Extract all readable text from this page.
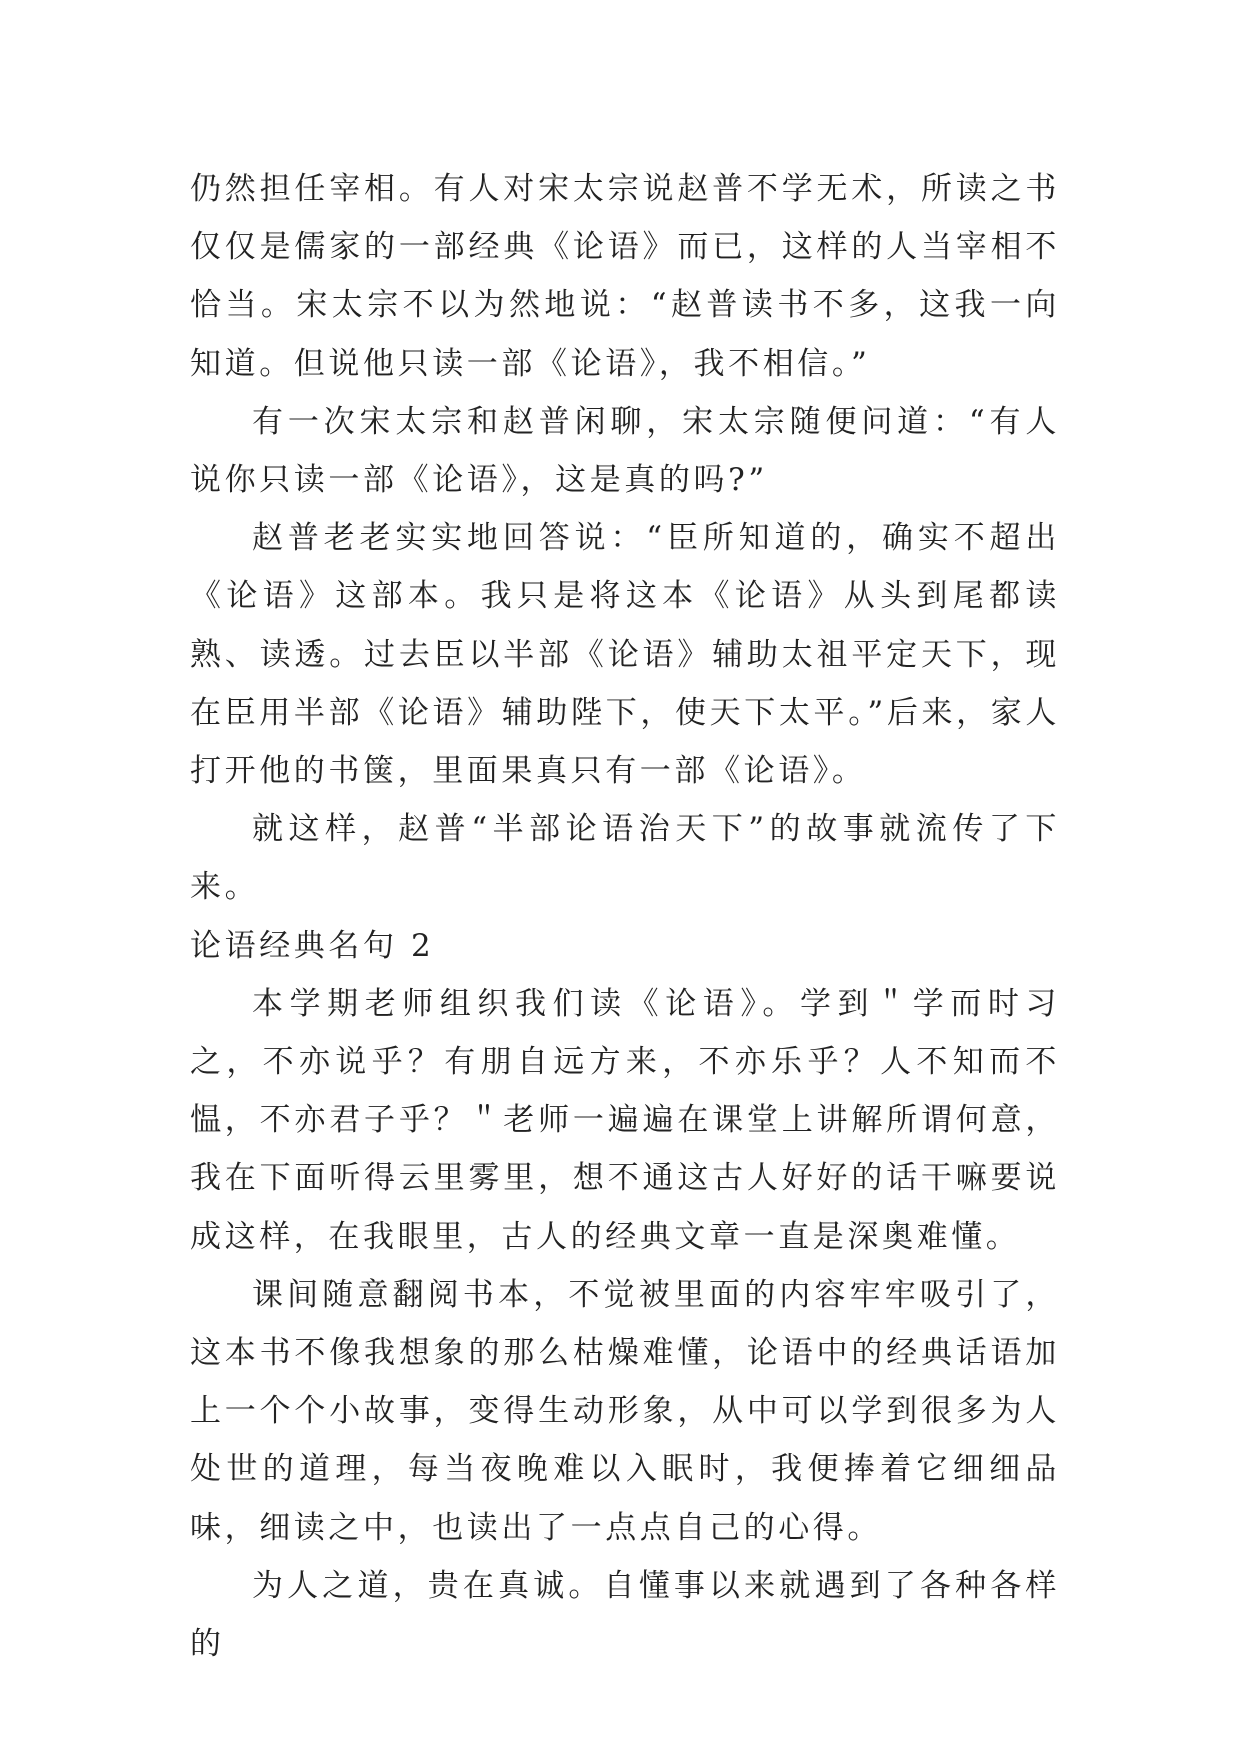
仍然担任宰相。有人对宋太宗说赵普不学无术，所读之书仅仅是儒家的一部经典《论语》而已，这样的人当宰相不恰当。宋太宗不以为然地说：“赵普读书不多，这我一向知道。但说他只读一部《论语》，我不相信。”

有一次宋太宗和赵普闲聊，宋太宗随便问道：“有人说你只读一部《论语》，这是真的吗?”

赵普老老实实地回答说：“臣所知道的，确实不超出《论语》这部本。我只是将这本《论语》从头到尾都读熟、读透。过去臣以半部《论语》辅助太祖平定天下，现在臣用半部《论语》辅助陛下，使天下太平。”后来，家人打开他的书箧，里面果真只有一部《论语》。

就这样，赵普“半部论语治天下”的故事就流传了下来。

论语经典名句 2

本学期老师组织我们读《论语》。学到＂学而时习之，不亦说乎？有朋自远方来，不亦乐乎？人不知而不愠，不亦君子乎？＂老师一遍遍在课堂上讲解所谓何意，我在下面听得云里雾里，想不通这古人好好的话干嘛要说成这样，在我眼里，古人的经典文章一直是深奥难懂。

课间随意翻阅书本，不觉被里面的内容牢牢吸引了，这本书不像我想象的那么枯燥难懂，论语中的经典话语加上一个个小故事，变得生动形象，从中可以学到很多为人处世的道理，每当夜晚难以入眠时，我便捧着它细细品味，细读之中，也读出了一点点自己的心得。

为人之道，贵在真诚。自懂事以来就遇到了各种各样的
